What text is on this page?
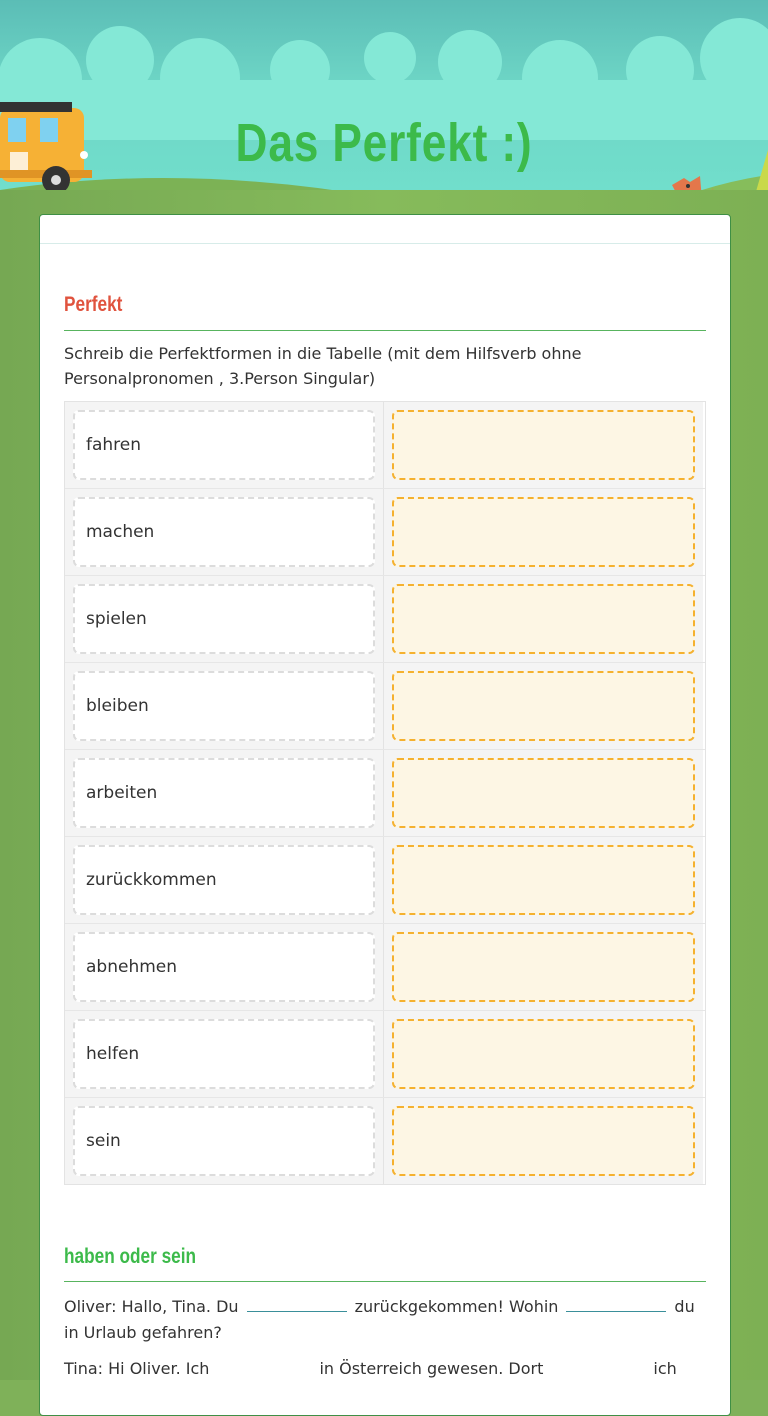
Das Perfekt :)
Perfekt

Schreib die Perfektformen in die Tabelle (mit dem Hilfsverb ohne Personalpronomen , 3.Person Singular)

fahren
machen
spielen
bleiben
arbeiten
zurückkommen
abnehmen
helfen
sein
haben oder sein

Oliver: Hallo, Tina. Du	zurückgekommen! Wohin	du
in Urlaub gefahren?

Tina: Hi Oliver. Ich	in Österreich gewesen. Dort	ich
